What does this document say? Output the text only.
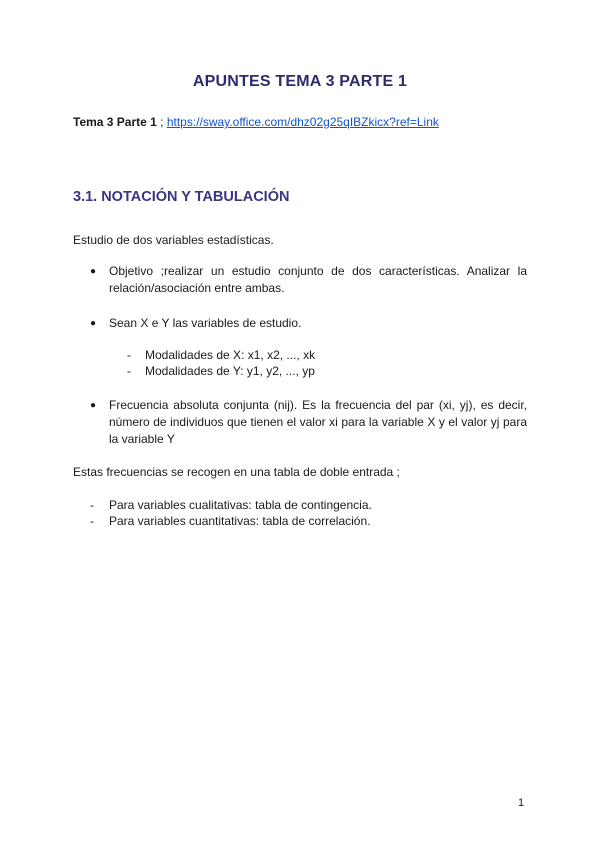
APUNTES TEMA 3 PARTE 1
Tema 3 Parte 1 ; https://sway.office.com/dhz02g25qIBZkicx?ref=Link
3.1. NOTACIÓN Y TABULACIÓN
Estudio de dos variables estadísticas.
● Objetivo ;realizar un estudio conjunto de dos características. Analizar la relación/asociación entre ambas.
● Sean X e Y las variables de estudio.
- Modalidades de X: x1, x2, ..., xk
- Modalidades de Y: y1, y2, ..., yp
● Frecuencia absoluta conjunta (nij). Es la frecuencia del par (xi, yj), es decir, número de individuos que tienen el valor xi para la variable X y el valor yj para la variable Y
Estas frecuencias se recogen en una tabla de doble entrada ;
- Para variables cualitativas: tabla de contingencia.
- Para variables cuantitativas: tabla de correlación.
1
